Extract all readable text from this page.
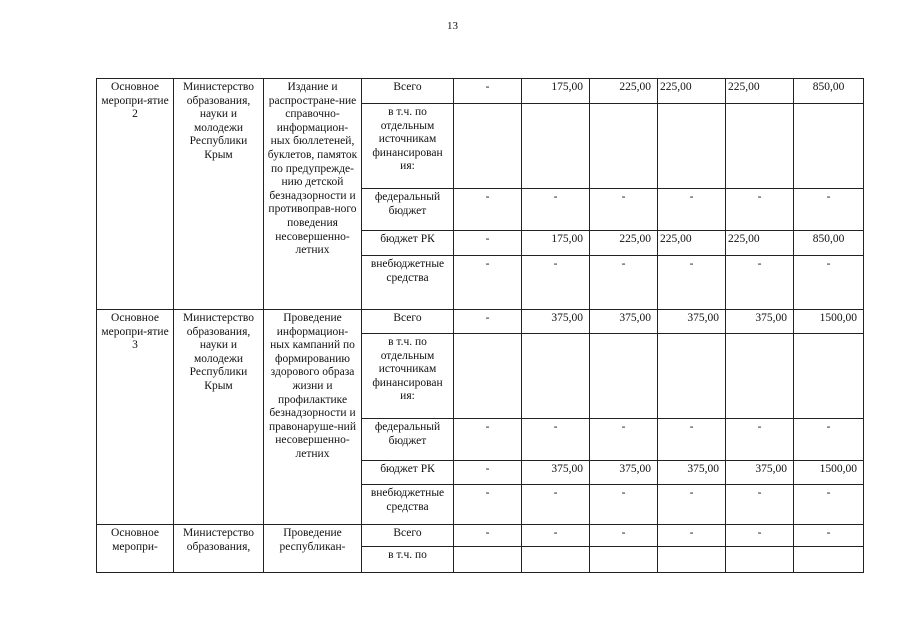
13
Основное меропри-ятие 2	Министерство образования, науки и молодежи Республики Крым	Издание и распростране-ние справочно-информацион-ных бюллетеней, буклетов, памяток по предупрежде-нию детской безнадзорности и противоправ-ного поведения несовершенно-летних	Всего	-	175,00	225,00	225,00	225,00	850,00
			в т.ч. по отдельным источникам финансирован ия:						
			федеральный бюджет	-	-	-	-	-	-
			бюджет РК	-	175,00	225,00	225,00	225,00	850,00
			внебюджетные средства	-	-	-	-	-	-
Основное меропри-ятие 3	Министерство образования, науки и молодежи Республики Крым	Проведение информацион-ных кампаний по формированию здорового образа жизни и профилактике безнадзорности и правонаруше-ний несовершенно-летних	Всего	-	375,00	375,00	375,00	375,00	1500,00
			в т.ч. по отдельным источникам финансирован ия:						
			федеральный бюджет	-	-	-	-	-	-
			бюджет РК	-	375,00	375,00	375,00	375,00	1500,00
			внебюджетные средства	-	-	-	-	-	-
Основное меропри-	Министерство образования,	Проведение республикан-	Всего	-	-	-	-	-	-
			в т.ч. по						
